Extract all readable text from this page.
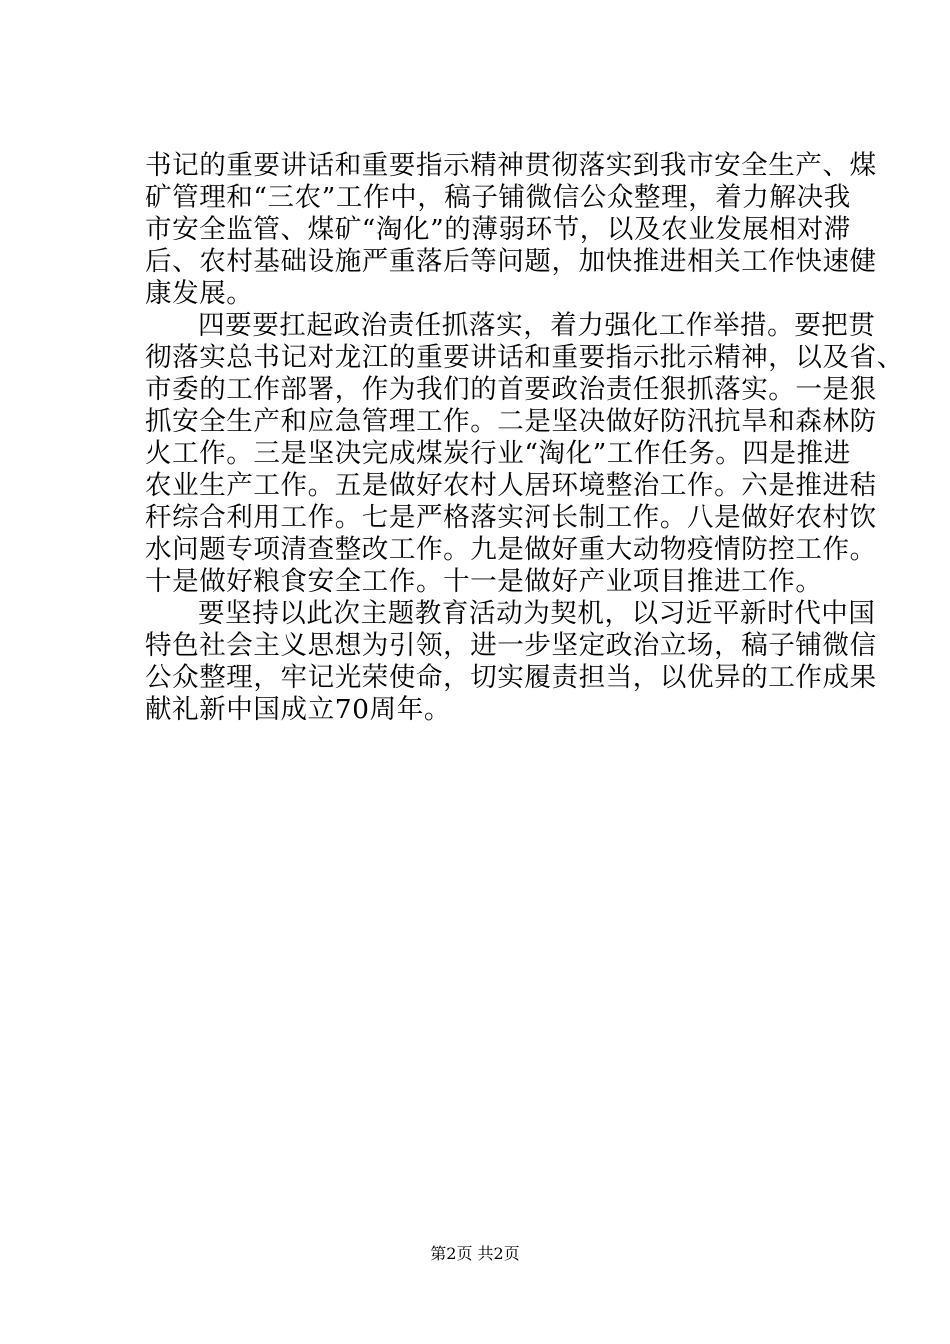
书记的重要讲话和重要指示精神贯彻落实到我市安全生产、煤
矿管理和“三农”工作中，稿子铺微信公众整理，着力解决我
市安全监管、煤矿“淘化”的薄弱环节，以及农业发展相对滞
后、农村基础设施严重落后等问题，加快推进相关工作快速健
康发展。
四要要扛起政治责任抓落实，着力强化工作举措。要把贯
彻落实总书记对龙江的重要讲话和重要指示批示精神，以及省、
市委的工作部署，作为我们的首要政治责任狠抓落实。一是狠
抓安全生产和应急管理工作。二是坚决做好防汛抗旱和森林防
火工作。三是坚决完成煤炭行业“淘化”工作任务。四是推进
农业生产工作。五是做好农村人居环境整治工作。六是推进秸
秆综合利用工作。七是严格落实河长制工作。八是做好农村饮
水问题专项清查整改工作。九是做好重大动物疫情防控工作。
十是做好粮食安全工作。十一是做好产业项目推进工作。
要坚持以此次主题教育活动为契机，以习近平新时代中国
特色社会主义思想为引领，进一步坚定政治立场，稿子铺微信
公众整理，牢记光荣使命，切实履责担当，以优异的工作成果
献礼新中国成立70周年。
第2页 共2页
